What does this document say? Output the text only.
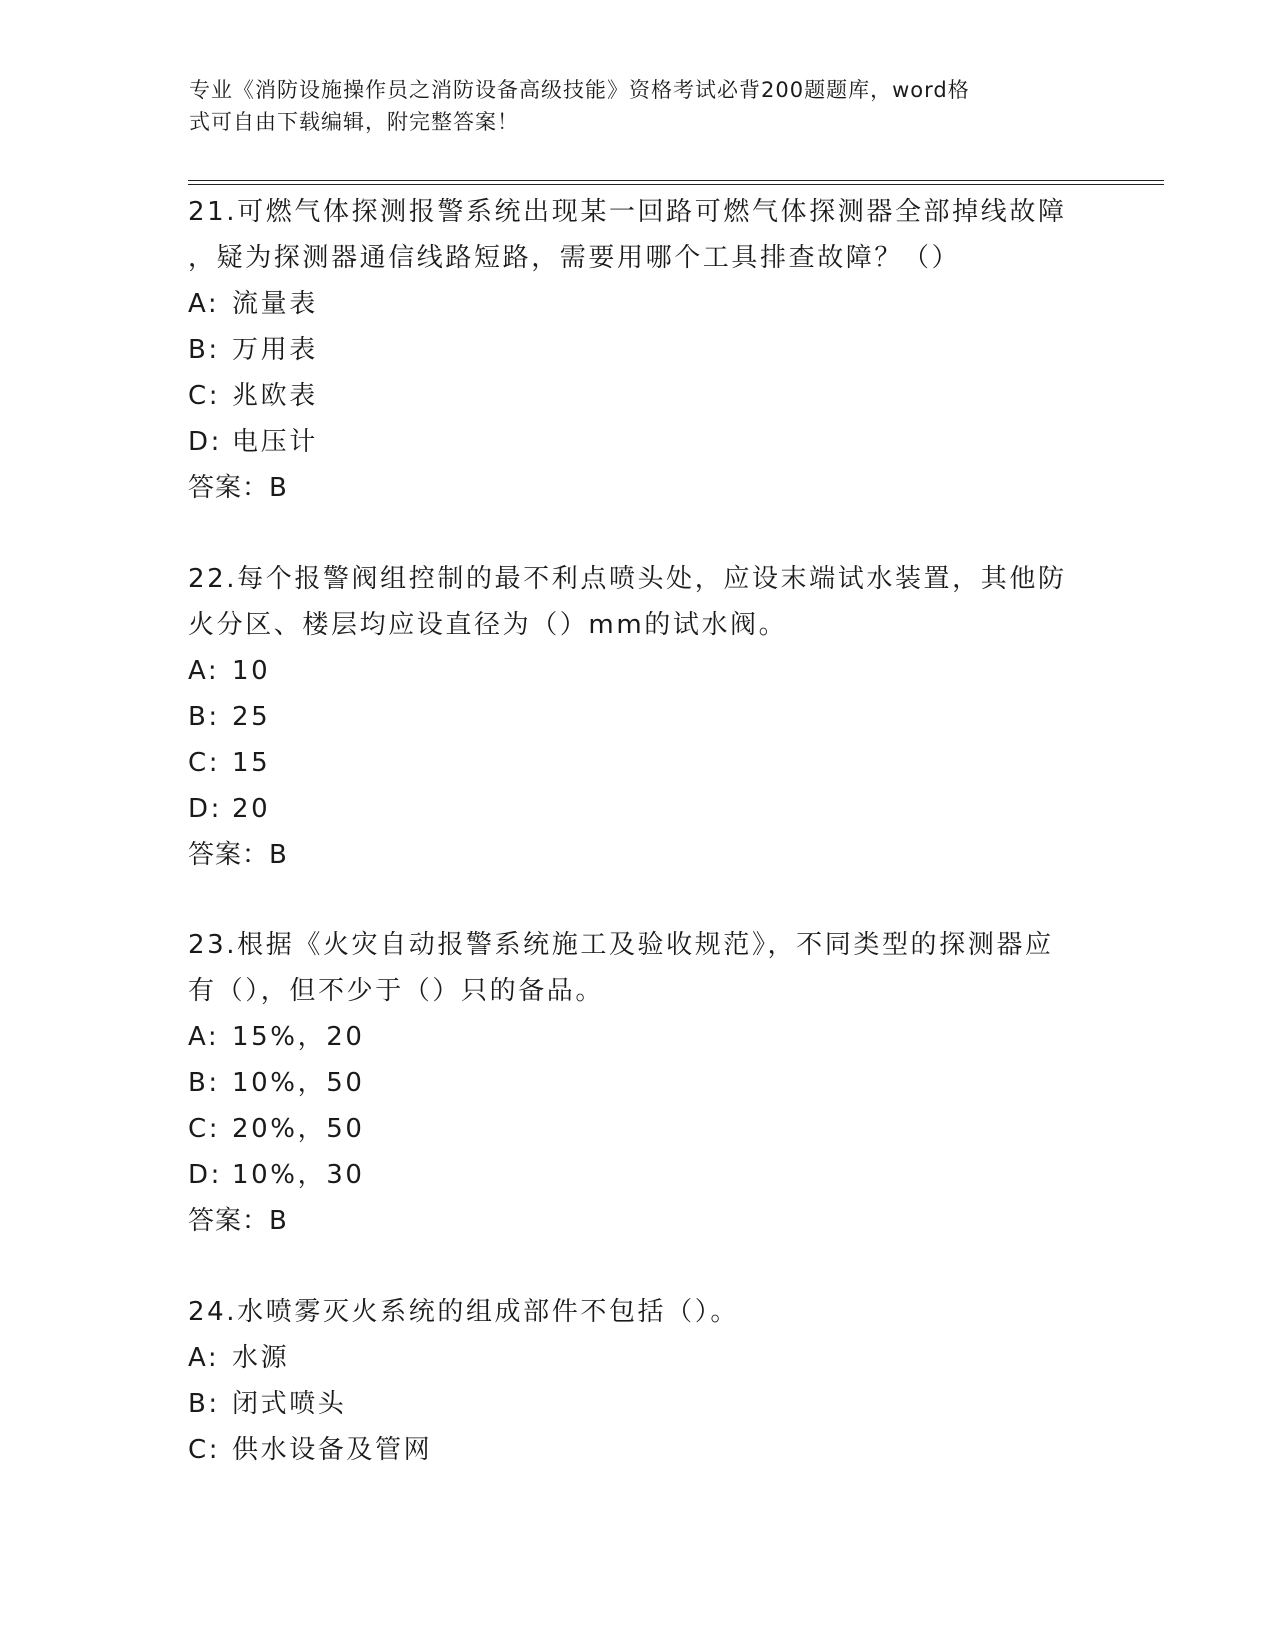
专业《消防设施操作员之消防设备高级技能》资格考试必背200题题库，word格
式可自由下载编辑，附完整答案！

21.可燃气体探测报警系统出现某一回路可燃气体探测器全部掉线故障

，疑为探测器通信线路短路，需要用哪个工具排查故障？（）

A: 流量表

B: 万用表

C: 兆欧表

D: 电压计

答案：B

22.每个报警阀组控制的最不利点喷头处，应设末端试水装置，其他防

火分区、楼层均应设直径为（）mm的试水阀。

A: 10

B: 25

C: 15

D: 20

答案：B

23.根据《火灾自动报警系统施工及验收规范》，不同类型的探测器应

有（），但不少于（）只的备品。

A: 15%，20

B: 10%，50

C: 20%，50

D: 10%，30

答案：B

24.水喷雾灭火系统的组成部件不包括（）。

A: 水源

B: 闭式喷头

C: 供水设备及管网
